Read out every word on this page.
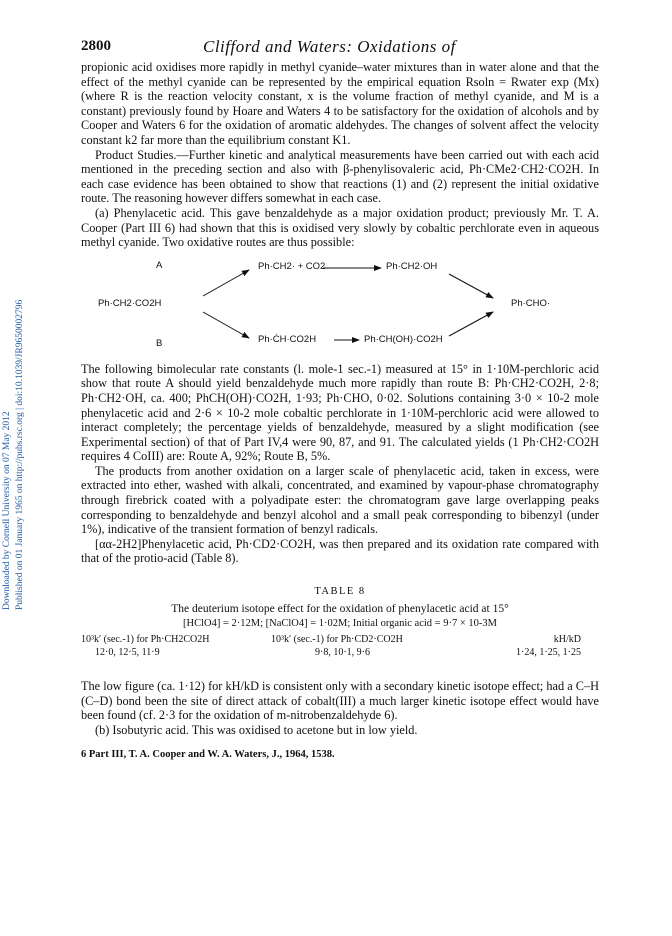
Downloaded by Cornell University on 07 May 2012 Published on 01 January 1965 on http://pubs.rsc.org | doi:10.1039/JR9650002796
2800	Clifford and Waters: Oxidations of

propionic acid oxidises more rapidly in methyl cyanide–water mixtures than in water alone and that the effect of the methyl cyanide can be represented by the empirical equation Rsoln = Rwater exp (Mx) (where R is the reaction velocity constant, x is the volume fraction of methyl cyanide, and M is a constant) previously found by Hoare and Waters 4 to be satisfactory for the oxidation of alcohols and by Cooper and Waters 6 for the oxidation of aromatic aldehydes. The changes of solvent affect the velocity constant k2 far more than the equilibrium constant K1.

Product Studies.—Further kinetic and analytical measurements have been carried out with each acid mentioned in the preceding section and also with β-phenylisovaleric acid, Ph·CMe2·CH2·CO2H. In each case evidence has been obtained to show that reactions (1) and (2) represent the initial oxidative route. The reasoning however differs somewhat in each case.

(a) Phenylacetic acid. This gave benzaldehyde as a major oxidation product; previously Mr. T. A. Cooper (Part III 6) had shown that this is oxidised very slowly by cobaltic perchlorate even in aqueous methyl cyanide. Two oxidative routes are thus possible:

A
B
Ph·CH2·CO2H
Ph·CH2· + CO2	Ph·CH2·OH
Ph·ĊH·CO2H	Ph·CH(OH)·CO2H
Ph·CHO·

The following bimolecular rate constants (l. mole-1 sec.-1) measured at 15° in 1·10M-perchloric acid show that route A should yield benzaldehyde much more rapidly than route B: Ph·CH2·CO2H, 2·8; Ph·CH2·OH, ca. 400; PhCH(OH)·CO2H, 1·93; Ph·CHO, 0·02. Solutions containing 3·0 × 10-2 mole phenylacetic acid and 2·6 × 10-2 mole cobaltic perchlorate in 1·10M-perchloric acid were allowed to interact completely; the percentage yields of benzaldehyde, measured by a slight modification (see Experimental section) of that of Part IV,4 were 90, 87, and 91. The calculated yields (1 Ph·CH2·CO2H requires 4 CoIII) are: Route A, 92%; Route B, 5%.

The products from another oxidation on a larger scale of phenylacetic acid, taken in excess, were extracted into ether, washed with alkali, concentrated, and examined by vapour-phase chromatography through firebrick coated with a polyadipate ester: the chromatogram gave large overlapping peaks corresponding to benzaldehyde and benzyl alcohol and a small peak corresponding to bibenzyl (under 1%), indicative of the transient formation of benzyl radicals.

[αα-2H2]Phenylacetic acid, Ph·CD2·CO2H, was then prepared and its oxidation rate compared with that of the protio-acid (Table 8).

TABLE 8
The deuterium isotope effect for the oxidation of phenylacetic acid at 15°
[HClO4] = 2·12M; [NaClO4] = 1·02M; Initial organic acid = 9·7 × 10-3M
10³k′ (sec.-1) for Ph·CH2CO2H	10³k′ (sec.-1) for Ph·CD2·CO2H	kH/kD
12·0, 12·5, 11·9	9·8, 10·1, 9·6	1·24, 1·25, 1·25

The low figure (ca. 1·12) for kH/kD is consistent only with a secondary kinetic isotope effect; had a C–H (C–D) bond been the site of direct attack of cobalt(III) a much larger kinetic isotope effect would have been found (cf. 2·3 for the oxidation of m-nitrobenzaldehyde 6).

(b) Isobutyric acid. This was oxidised to acetone but in low yield.

6 Part III, T. A. Cooper and W. A. Waters, J., 1964, 1538.
